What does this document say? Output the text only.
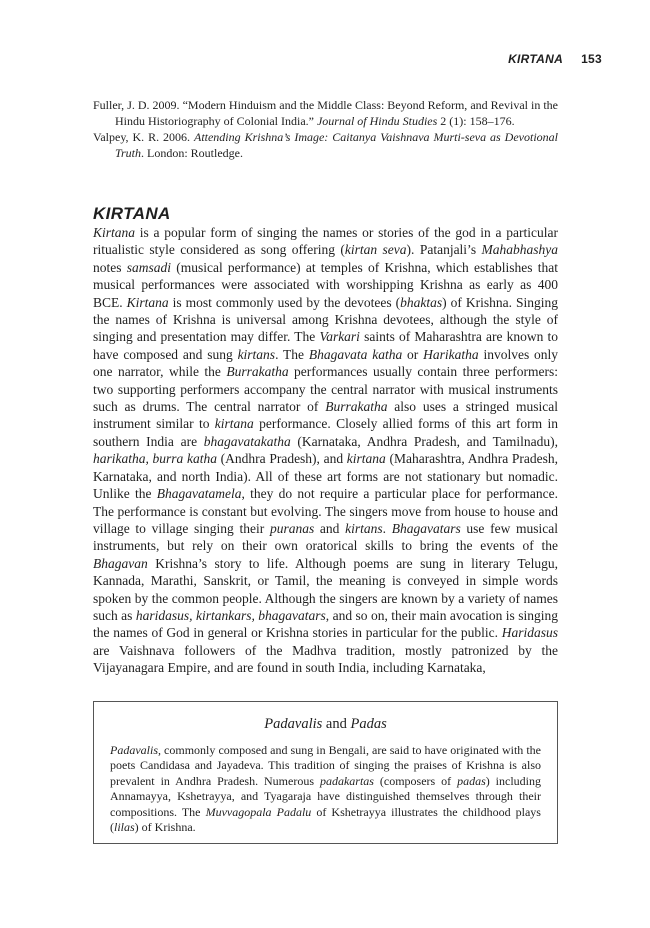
KIRTANA 153

Fuller, J. D. 2009. “Modern Hinduism and the Middle Class: Beyond Reform, and Revival in the Hindu Historiography of Colonial India.” Journal of Hindu Studies 2 (1): 158–176.

Valpey, K. R. 2006. Attending Krishna’s Image: Caitanya Vaishnava Murti-seva as Devotional Truth. London: Routledge.

KIRTANA

Kirtana is a popular form of singing the names or stories of the god in a particular ritualistic style considered as song offering (kirtan seva). Patanjali’s Mahabhashya notes samsadi (musical performance) at temples of Krishna, which establishes that musical performances were associated with worshipping Krishna as early as 400 BCE. Kirtana is most commonly used by the devotees (bhaktas) of Krishna. Singing the names of Krishna is universal among Krishna devotees, although the style of singing and presentation may differ. The Varkari saints of Maharashtra are known to have composed and sung kirtans. The Bhagavata katha or Harikatha involves only one narrator, while the Burrakatha performances usually contain three performers: two supporting performers accompany the central narrator with musical instruments such as drums. The central narrator of Burrakatha also uses a stringed musical instrument similar to kirtana performance. Closely allied forms of this art form in southern India are bhagavatakatha (Karnataka, Andhra Pradesh, and Tamilnadu), harikatha, burra katha (Andhra Pradesh), and kirtana (Maharashtra, Andhra Pradesh, Karnataka, and north India). All of these art forms are not stationary but nomadic. Unlike the Bhagavatamela, they do not require a particular place for performance. The performance is constant but evolving. The singers move from house to house and village to village singing their puranas and kirtans. Bhagavatars use few musical instruments, but rely on their own oratorical skills to bring the events of the Bhagavan Krishna’s story to life. Although poems are sung in literary Telugu, Kannada, Marathi, Sanskrit, or Tamil, the meaning is conveyed in simple words spoken by the common people. Although the singers are known by a variety of names such as haridasus, kirtankars, bhagavatars, and so on, their main avocation is singing the names of God in general or Krishna stories in particular for the public. Haridasus are Vaishnava followers of the Madhva tradition, mostly patronized by the Vijayanagara Empire, and are found in south India, including Karnataka,

Padavalis and Padas

Padavalis, commonly composed and sung in Bengali, are said to have originated with the poets Candidasa and Jayadeva. This tradition of singing the praises of Krishna is also prevalent in Andhra Pradesh. Numerous padakartas (composers of padas) including Annamayya, Kshetrayya, and Tyagaraja have distinguished themselves through their compositions. The Muvvagopala Padalu of Kshetrayya illustrates the childhood plays (lilas) of Krishna.
